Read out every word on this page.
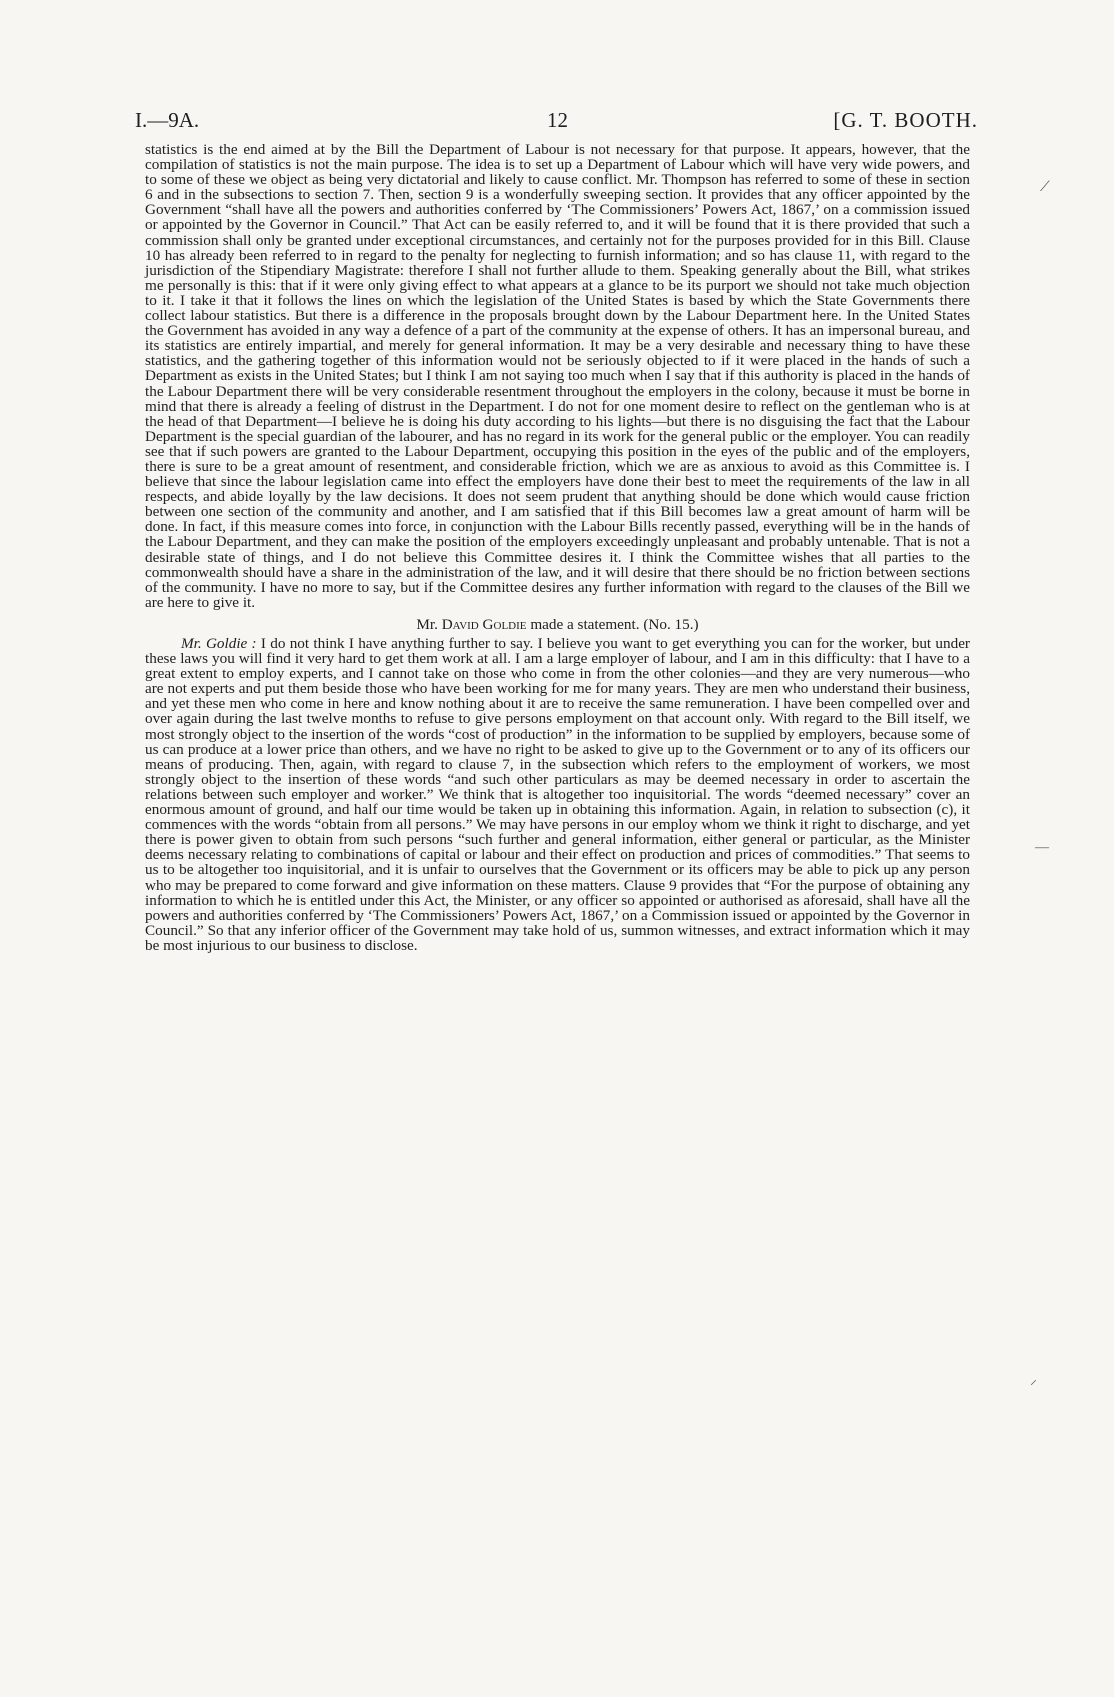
I.—9A.	12	[G. T. BOOTH.

statistics is the end aimed at by the Bill the Department of Labour is not necessary for that purpose. It appears, however, that the compilation of statistics is not the main purpose. The idea is to set up a Department of Labour which will have very wide powers, and to some of these we object as being very dictatorial and likely to cause conflict. Mr. Thompson has referred to some of these in section 6 and in the subsections to section 7. Then, section 9 is a wonderfully sweeping section. It provides that any officer appointed by the Government “shall have all the powers and authorities conferred by ‘The Commissioners’ Powers Act, 1867,’ on a commission issued or appointed by the Governor in Council.” That Act can be easily referred to, and it will be found that it is there provided that such a commission shall only be granted under exceptional circumstances, and certainly not for the purposes provided for in this Bill. Clause 10 has already been referred to in regard to the penalty for neglecting to furnish information; and so has clause 11, with regard to the jurisdiction of the Stipendiary Magistrate: therefore I shall not further allude to them. Speaking generally about the Bill, what strikes me personally is this: that if it were only giving effect to what appears at a glance to be its purport we should not take much objection to it. I take it that it follows the lines on which the legislation of the United States is based by which the State Governments there collect labour statistics. But there is a difference in the proposals brought down by the Labour Department here. In the United States the Government has avoided in any way a defence of a part of the community at the expense of others. It has an impersonal bureau, and its statistics are entirely impartial, and merely for general information. It may be a very desirable and necessary thing to have these statistics, and the gathering together of this information would not be seriously objected to if it were placed in the hands of such a Department as exists in the United States; but I think I am not saying too much when I say that if this authority is placed in the hands of the Labour Department there will be very considerable resentment throughout the employers in the colony, because it must be borne in mind that there is already a feeling of distrust in the Department. I do not for one moment desire to reflect on the gentleman who is at the head of that Department—I believe he is doing his duty according to his lights—but there is no disguising the fact that the Labour Department is the special guardian of the labourer, and has no regard in its work for the general public or the employer. You can readily see that if such powers are granted to the Labour Department, occupying this position in the eyes of the public and of the employers, there is sure to be a great amount of resentment, and considerable friction, which we are as anxious to avoid as this Committee is. I believe that since the labour legislation came into effect the employers have done their best to meet the requirements of the law in all respects, and abide loyally by the law decisions. It does not seem prudent that anything should be done which would cause friction between one section of the community and another, and I am satisfied that if this Bill becomes law a great amount of harm will be done. In fact, if this measure comes into force, in conjunction with the Labour Bills recently passed, everything will be in the hands of the Labour Department, and they can make the position of the employers exceedingly unpleasant and probably untenable. That is not a desirable state of things, and I do not believe this Committee desires it. I think the Committee wishes that all parties to the commonwealth should have a share in the administration of the law, and it will desire that there should be no friction between sections of the community. I have no more to say, but if the Committee desires any further information with regard to the clauses of the Bill we are here to give it.

Mr. David Goldie made a statement. (No. 15.)

Mr. Goldie : I do not think I have anything further to say. I believe you want to get everything you can for the worker, but under these laws you will find it very hard to get them work at all. I am a large employer of labour, and I am in this difficulty: that I have to a great extent to employ experts, and I cannot take on those who come in from the other colonies—and they are very numerous—who are not experts and put them beside those who have been working for me for many years. They are men who understand their business, and yet these men who come in here and know nothing about it are to receive the same remuneration. I have been compelled over and over again during the last twelve months to refuse to give persons employment on that account only. With regard to the Bill itself, we most strongly object to the insertion of the words “cost of production” in the information to be supplied by employers, because some of us can produce at a lower price than others, and we have no right to be asked to give up to the Government or to any of its officers our means of producing. Then, again, with regard to clause 7, in the subsection which refers to the employment of workers, we most strongly object to the insertion of these words “and such other particulars as may be deemed necessary in order to ascertain the relations between such employer and worker.” We think that is altogether too inquisitorial. The words “deemed necessary” cover an enormous amount of ground, and half our time would be taken up in obtaining this information. Again, in relation to subsection (c), it commences with the words “obtain from all persons.” We may have persons in our employ whom we think it right to discharge, and yet there is power given to obtain from such persons “such further and general information, either general or particular, as the Minister deems necessary relating to combinations of capital or labour and their effect on production and prices of commodities.” That seems to us to be altogether too inquisitorial, and it is unfair to ourselves that the Government or its officers may be able to pick up any person who may be prepared to come forward and give information on these matters. Clause 9 provides that “For the purpose of obtaining any information to which he is entitled under this Act, the Minister, or any officer so appointed or authorised as aforesaid, shall have all the powers and authorities conferred by ‘The Commissioners’ Powers Act, 1867,’ on a Commission issued or appointed by the Governor in Council.” So that any inferior officer of the Government may take hold of us, summon witnesses, and extract information which it may be most injurious to our business to disclose.

⟋
—
⸝
